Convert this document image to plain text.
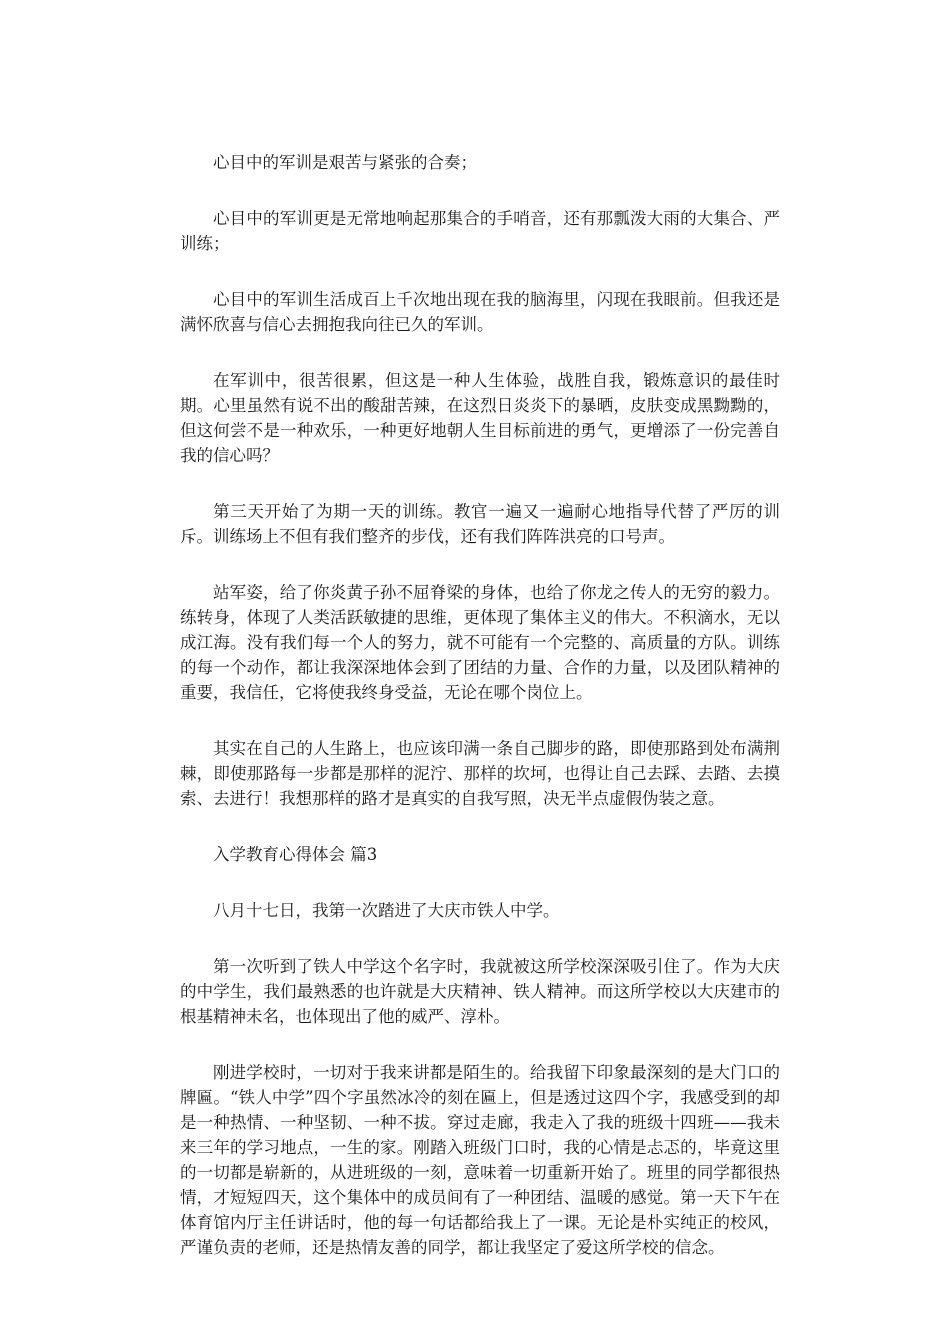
心目中的军训是艰苦与紧张的合奏；

心目中的军训更是无常地响起那集合的手哨音，还有那瓢泼大雨的大集合、严训练；

心目中的军训生活成百上千次地出现在我的脑海里，闪现在我眼前。但我还是满怀欣喜与信心去拥抱我向往已久的军训。

在军训中，很苦很累，但这是一种人生体验，战胜自我，锻炼意识的最佳时期。心里虽然有说不出的酸甜苦辣，在这烈日炎炎下的暴晒，皮肤变成黑黝黝的，但这何尝不是一种欢乐，一种更好地朝人生目标前进的勇气，更增添了一份完善自我的信心吗？

第三天开始了为期一天的训练。教官一遍又一遍耐心地指导代替了严厉的训斥。训练场上不但有我们整齐的步伐，还有我们阵阵洪亮的口号声。

站军姿，给了你炎黄子孙不屈脊梁的身体，也给了你龙之传人的无穷的毅力。练转身，体现了人类活跃敏捷的思维，更体现了集体主义的伟大。不积滴水，无以成江海。没有我们每一个人的努力，就不可能有一个完整的、高质量的方队。训练的每一个动作，都让我深深地体会到了团结的力量、合作的力量，以及团队精神的重要，我信任，它将使我终身受益，无论在哪个岗位上。

其实在自己的人生路上，也应该印满一条自己脚步的路，即使那路到处布满荆棘，即使那路每一步都是那样的泥泞、那样的坎坷，也得让自己去踩、去踏、去摸索、去进行！我想那样的路才是真实的自我写照，决无半点虚假伪装之意。

入学教育心得体会 篇3

八月十七日，我第一次踏进了大庆市铁人中学。

第一次听到了铁人中学这个名字时，我就被这所学校深深吸引住了。作为大庆的中学生，我们最熟悉的也许就是大庆精神、铁人精神。而这所学校以大庆建市的根基精神未名，也体现出了他的威严、淳朴。

刚进学校时，一切对于我来讲都是陌生的。给我留下印象最深刻的是大门口的牌匾。“铁人中学”四个字虽然冰冷的刻在匾上，但是透过这四个字，我感受到的却是一种热情、一种坚韧、一种不拔。穿过走廊，我走入了我的班级十四班——我未来三年的学习地点，一生的家。刚踏入班级门口时，我的心情是忐忑的，毕竟这里的一切都是崭新的，从进班级的一刻，意味着一切重新开始了。班里的同学都很热情，才短短四天，这个集体中的成员间有了一种团结、温暖的感觉。第一天下午在体育馆内厅主任讲话时，他的每一句话都给我上了一课。无论是朴实纯正的校风，严谨负责的老师，还是热情友善的同学，都让我坚定了爱这所学校的信念。
